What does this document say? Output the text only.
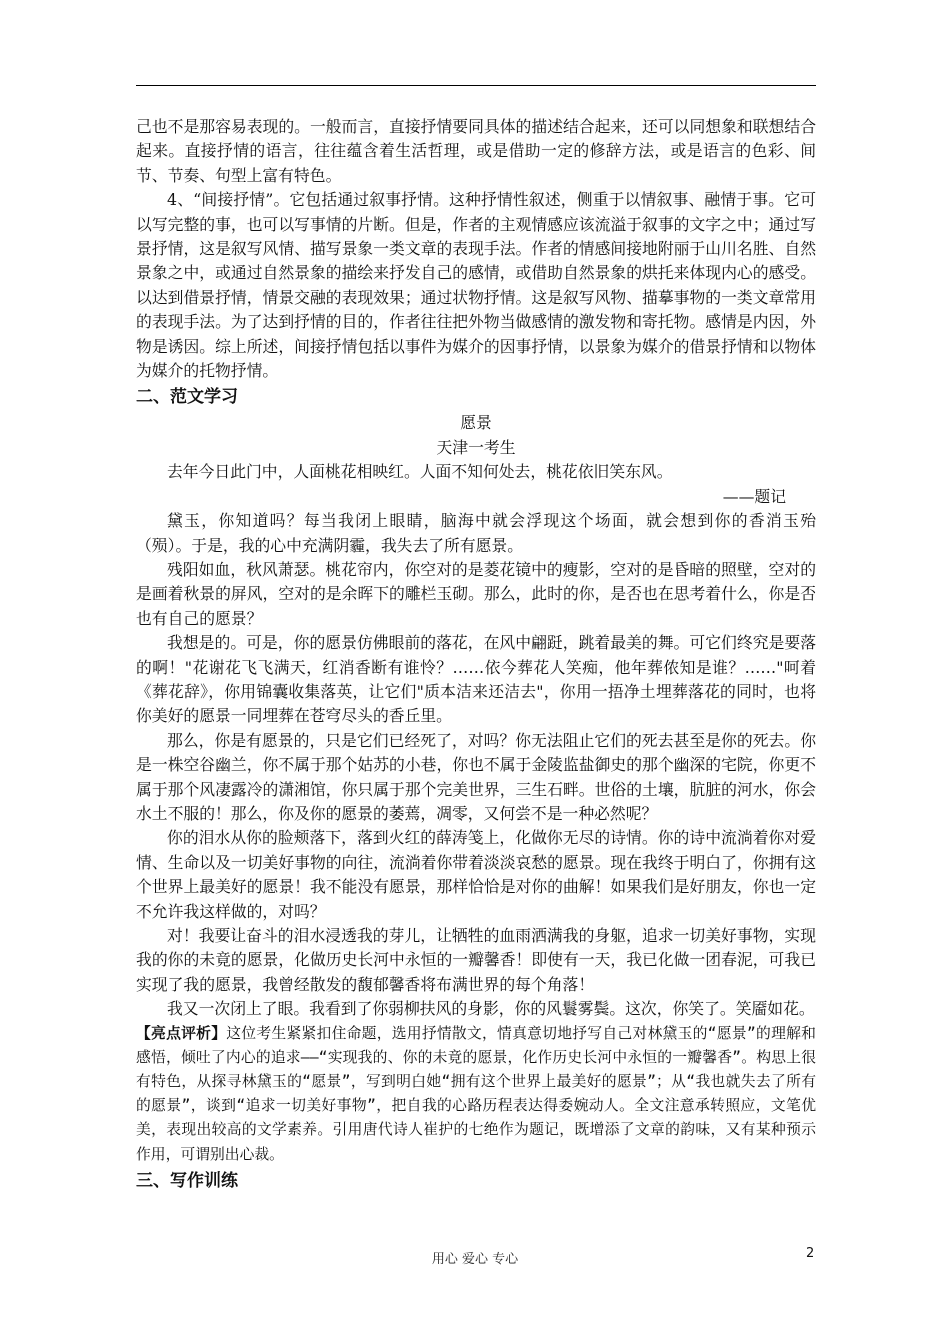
己也不是那容易表现的。一般而言，直接抒情要同具体的描述结合起来，还可以同想象和联想结合起来。直接抒情的语言，往往蕴含着生活哲理，或是借助一定的修辞方法，或是语言的色彩、间节、节奏、句型上富有特色。

4、“间接抒情”。它包括通过叙事抒情。这种抒情性叙述，侧重于以情叙事、融情于事。它可以写完整的事，也可以写事情的片断。但是，作者的主观情感应该流溢于叙事的文字之中；通过写景抒情，这是叙写风情、描写景象一类文章的表现手法。作者的情感间接地附丽于山川名胜、自然景象之中，或通过自然景象的描绘来抒发自己的感情，或借助自然景象的烘托来体现内心的感受。以达到借景抒情，情景交融的表现效果；通过状物抒情。这是叙写风物、描摹事物的一类文章常用的表现手法。为了达到抒情的目的，作者往往把外物当做感情的激发物和寄托物。感情是内因，外物是诱因。综上所述，间接抒情包括以事件为媒介的因事抒情，以景象为媒介的借景抒情和以物体为媒介的托物抒情。

二、范文学习

愿景

天津一考生

去年今日此门中，人面桃花相映红。人面不知何处去，桃花依旧笑东风。

——题记

黛玉，你知道吗？每当我闭上眼睛，脑海中就会浮现这个场面，就会想到你的香消玉殆（殒）。于是，我的心中充满阴霾，我失去了所有愿景。

残阳如血，秋风萧瑟。桃花帘内，你空对的是菱花镜中的瘦影，空对的是昏暗的照壁，空对的是画着秋景的屏风，空对的是余晖下的雕栏玉砌。那么，此时的你，是否也在思考着什么，你是否也有自己的愿景？

我想是的。可是，你的愿景仿佛眼前的落花，在风中翩跹，跳着最美的舞。可它们终究是要落的啊！"花谢花飞飞满天，红消香断有谁怜？……依今葬花人笑痴，他年葬侬知是谁？……"呵着《葬花辞》，你用锦囊收集落英，让它们"质本洁来还洁去"，你用一捂净土埋葬落花的同时，也将你美好的愿景一同埋葬在苍穹尽头的香丘里。

那么，你是有愿景的，只是它们已经死了，对吗？你无法阻止它们的死去甚至是你的死去。你是一株空谷幽兰，你不属于那个姑苏的小巷，你也不属于金陵监盐御史的那个幽深的宅院，你更不属于那个风凄露冷的潇湘馆，你只属于那个完美世界，三生石畔。世俗的土壤，肮脏的河水，你会水土不服的！那么，你及你的愿景的萎蔫，凋零，又何尝不是一种必然呢？

你的泪水从你的脸颊落下，落到火红的薛涛笺上，化做你无尽的诗情。你的诗中流淌着你对爱情、生命以及一切美好事物的向往，流淌着你带着淡淡哀愁的愿景。现在我终于明白了，你拥有这个世界上最美好的愿景！我不能没有愿景，那样恰恰是对你的曲解！如果我们是好朋友，你也一定不允许我这样做的，对吗？

对！我要让奋斗的泪水浸透我的芽儿，让牺牲的血雨洒满我的身躯，追求一切美好事物，实现我的你的未竟的愿景，化做历史长河中永恒的一瓣馨香！即使有一天，我已化做一团春泥，可我已实现了我的愿景，我曾经散发的馥郁馨香将布满世界的每个角落！

我又一次闭上了眼。我看到了你弱柳扶风的身影，你的风鬟雾鬓。这次，你笑了。笑靥如花。

【亮点评析】这位考生紧紧扣住命题，选用抒情散文，情真意切地抒写自己对林黛玉的“愿景”的理解和感悟，倾吐了内心的追求——“实现我的、你的未竟的愿景，化作历史长河中永恒的一瓣馨香”。构思上很有特色，从探寻林黛玉的“愿景”，写到明白她“拥有这个世界上最美好的愿景”；从“我也就失去了所有的愿景”，谈到“追求一切美好事物”，把自我的心路历程表达得委婉动人。全文注意承转照应，文笔优美，表现出较高的文学素养。引用唐代诗人崔护的七绝作为题记，既增添了文章的韵味，又有某种预示作用，可谓别出心裁。

三、写作训练

用心 爱心 专心	2
